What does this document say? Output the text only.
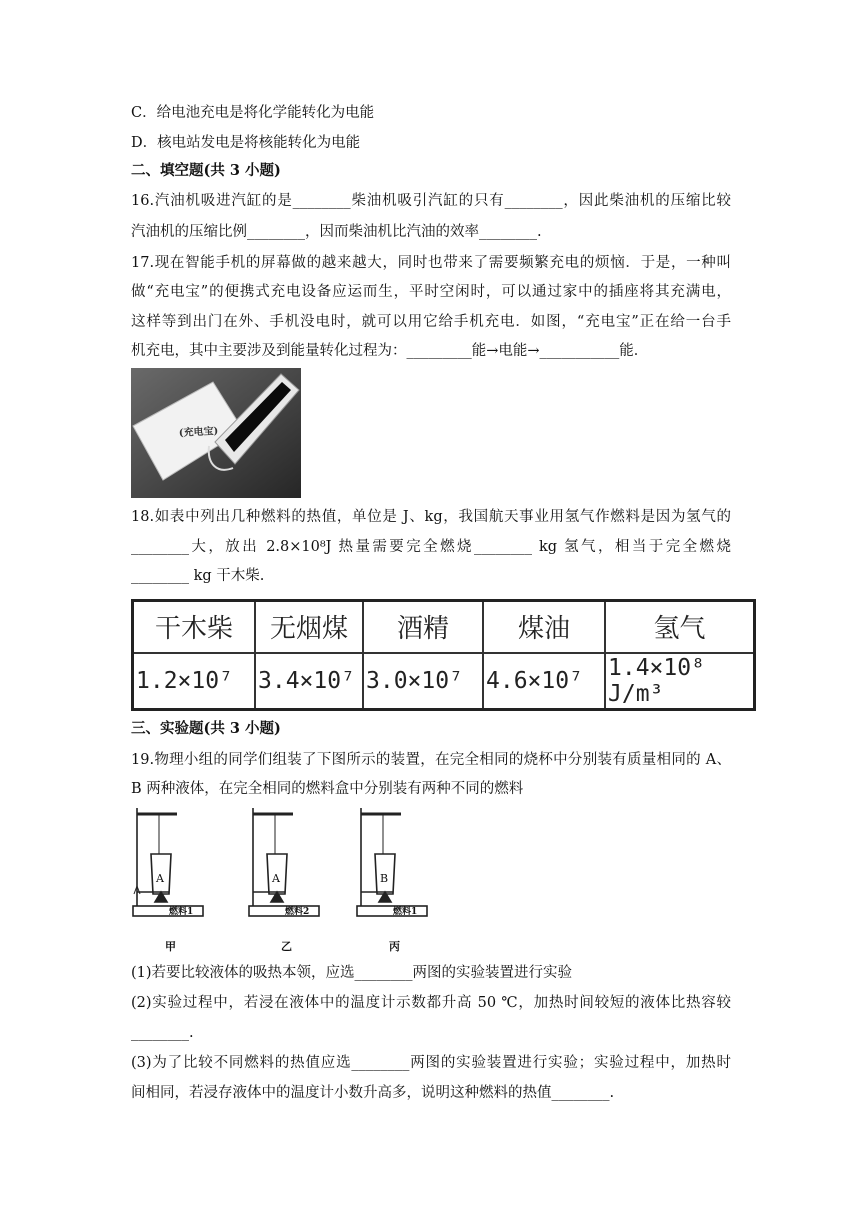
C．给电池充电是将化学能转化为电能
D．核电站发电是将核能转化为电能
二、填空题(共 3 小题)
16.汽油机吸进汽缸的是________柴油机吸引汽缸的只有________，因此柴油机的压缩比较
汽油机的压缩比例________，因而柴油机比汽油的效率________.
17.现在智能手机的屏幕做的越来越大，同时也带来了需要频繁充电的烦恼．于是，一种叫
做“充电宝”的便携式充电设备应运而生，平时空闲时，可以通过家中的插座将其充满电，
这样等到出门在外、手机没电时，就可以用它给手机充电．如图，“充电宝”正在给一台手
机充电，其中主要涉及到能量转化过程为：_________能→电能→___________能．
(充电宝)
18.如表中列出几种燃料的热值，单位是 J、kg，我国航天事业用氢气作燃料是因为氢气的
________大，放出 2.8×10⁸J 热量需要完全燃烧________ kg 氢气，相当于完全燃烧
________ kg 干木柴.
干木柴	无烟煤	酒精	煤油	氢气
1.2×10⁷	3.4×10⁷	3.0×10⁷	4.6×10⁷	1.4×10⁸ J/m³
三、实验题(共 3 小题)
19.物理小组的同学们组装了下图所示的装置，在完全相同的烧杯中分别装有质量相同的 A、
B 两种液体，在完全相同的燃料盒中分别装有两种不同的燃料
A
燃料1
甲
A
燃料2
乙
B
燃料1
丙
(1)若要比较液体的吸热本领，应选________两图的实验装置进行实验
(2)实验过程中，若浸在液体中的温度计示数都升高 50 ℃，加热时间较短的液体比热容较
________.
(3)为了比较不同燃料的热值应选________两图的实验装置进行实验；实验过程中，加热时
间相同，若浸存液体中的温度计小数升高多，说明这种燃料的热值________.
